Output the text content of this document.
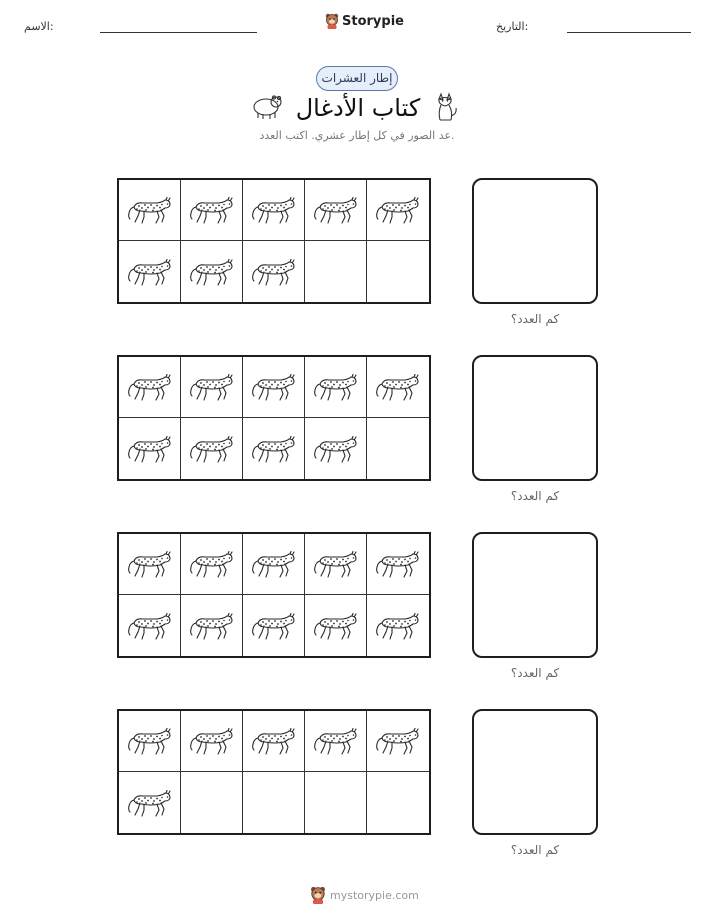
الاسم:	Storypie	التاريخ:
إطار العشرات
كتاب الأدغال
عد الصور في كل إطار عشري. اكتب العدد.
كم العدد؟
كم العدد؟
كم العدد؟
كم العدد؟
mystorypie.com
